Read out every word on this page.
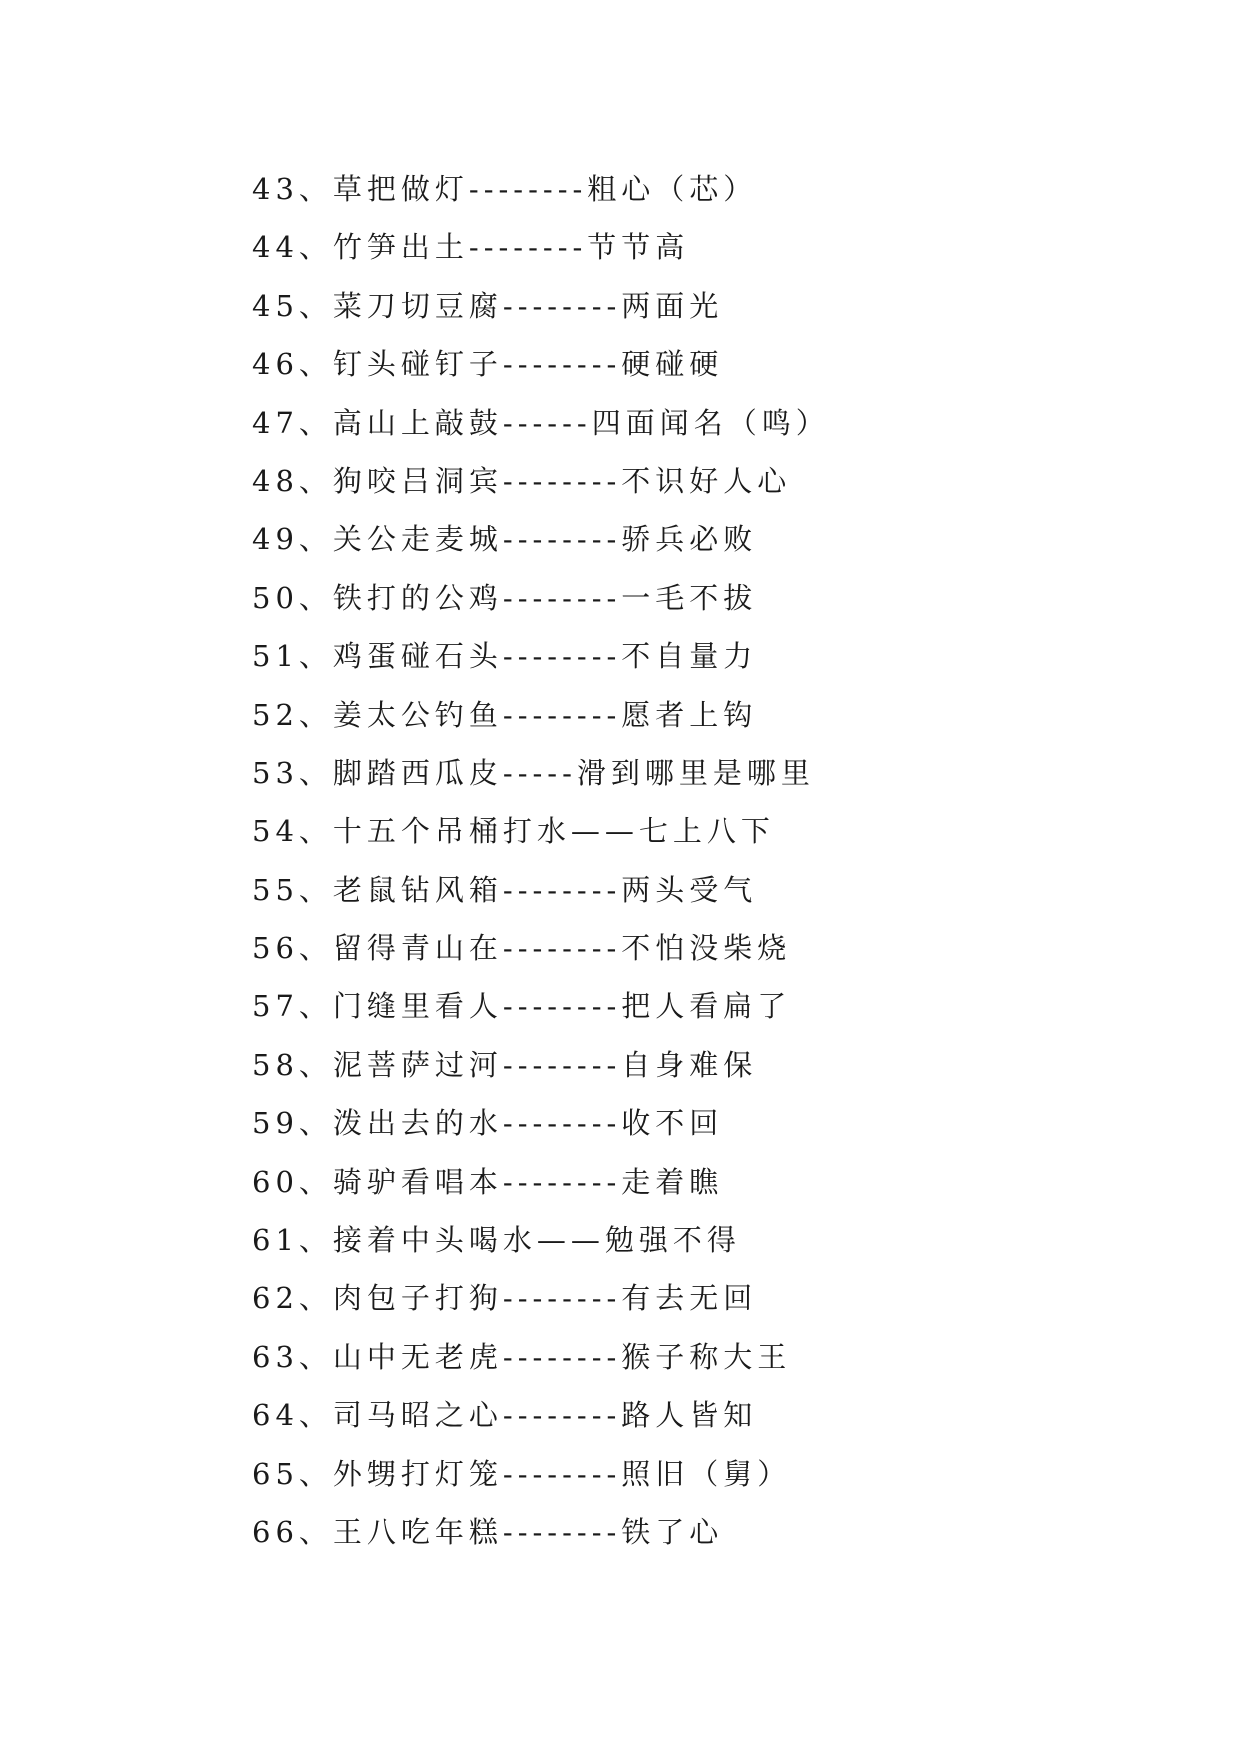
43、草把做灯--------粗心（芯）
44、竹笋出土--------节节高
45、菜刀切豆腐--------两面光
46、钉头碰钉子--------硬碰硬
47、高山上敲鼓------四面闻名（鸣）
48、狗咬吕洞宾--------不识好人心
49、关公走麦城--------骄兵必败
50、铁打的公鸡--------一毛不拔
51、鸡蛋碰石头--------不自量力
52、姜太公钓鱼--------愿者上钩
53、脚踏西瓜皮-----滑到哪里是哪里
54、十五个吊桶打水——七上八下
55、老鼠钻风箱--------两头受气
56、留得青山在--------不怕没柴烧
57、门缝里看人--------把人看扁了
58、泥菩萨过河--------自身难保
59、泼出去的水--------收不回
60、骑驴看唱本--------走着瞧
61、接着中头喝水——勉强不得
62、肉包子打狗--------有去无回
63、山中无老虎--------猴子称大王
64、司马昭之心--------路人皆知
65、外甥打灯笼--------照旧（舅）
66、王八吃年糕--------铁了心
